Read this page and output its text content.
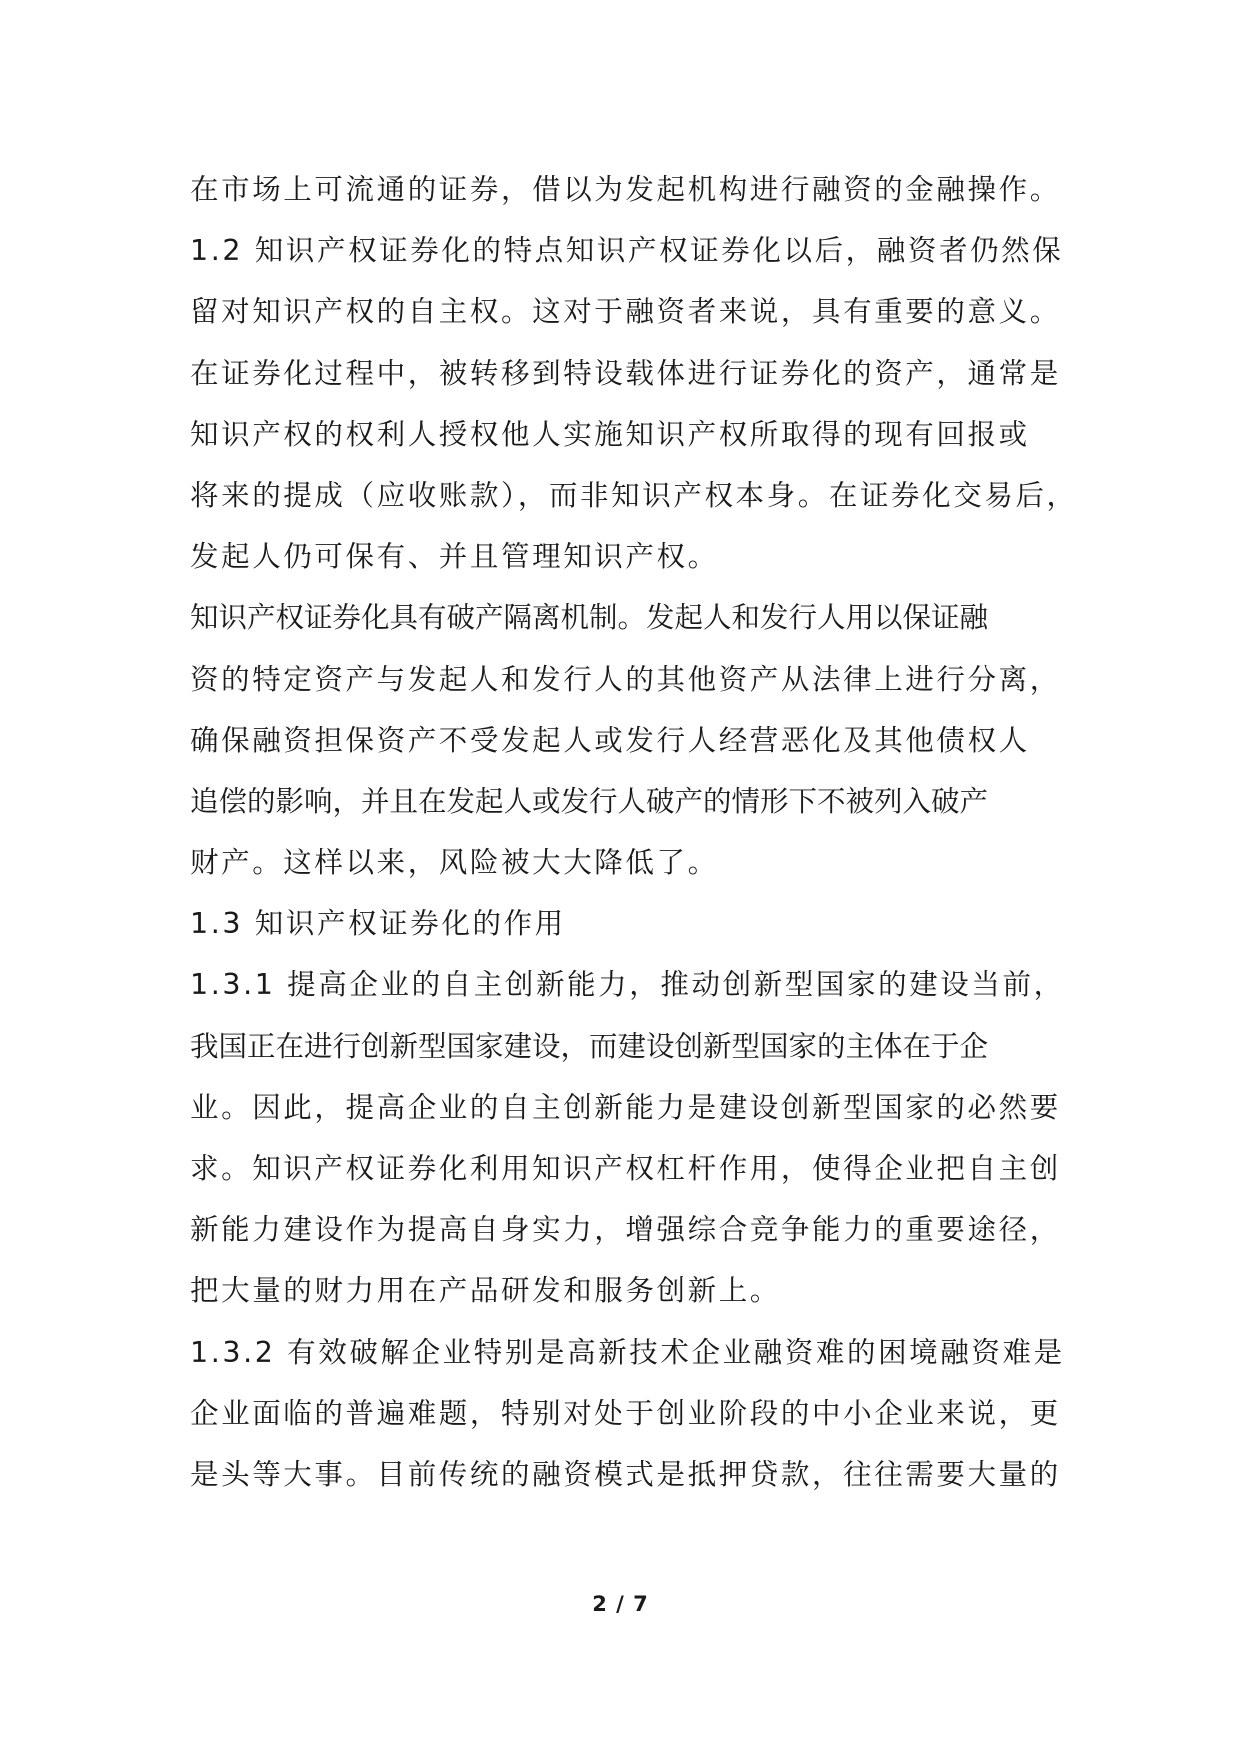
在市场上可流通的证券，借以为发起机构进行融资的金融操作。
1.2 知识产权证券化的特点知识产权证券化以后，融资者仍然保
留对知识产权的自主权。这对于融资者来说，具有重要的意义。
在证券化过程中，被转移到特设载体进行证券化的资产，通常是
知识产权的权利人授权他人实施知识产权所取得的现有回报或
将来的提成（应收账款），而非知识产权本身。在证券化交易后，
发起人仍可保有、并且管理知识产权。
知识产权证券化具有破产隔离机制。发起人和发行人用以保证融
资的特定资产与发起人和发行人的其他资产从法律上进行分离，
确保融资担保资产不受发起人或发行人经营恶化及其他债权人
追偿的影响，并且在发起人或发行人破产的情形下不被列入破产
财产。这样以来，风险被大大降低了。
1.3 知识产权证券化的作用
1.3.1 提高企业的自主创新能力，推动创新型国家的建设当前，
我国正在进行创新型国家建设，而建设创新型国家的主体在于企
业。因此，提高企业的自主创新能力是建设创新型国家的必然要
求。知识产权证券化利用知识产权杠杆作用，使得企业把自主创
新能力建设作为提高自身实力，增强综合竞争能力的重要途径，
把大量的财力用在产品研发和服务创新上。
1.3.2 有效破解企业特别是高新技术企业融资难的困境融资难是
企业面临的普遍难题，特别对处于创业阶段的中小企业来说，更
是头等大事。目前传统的融资模式是抵押贷款，往往需要大量的
2 / 7
